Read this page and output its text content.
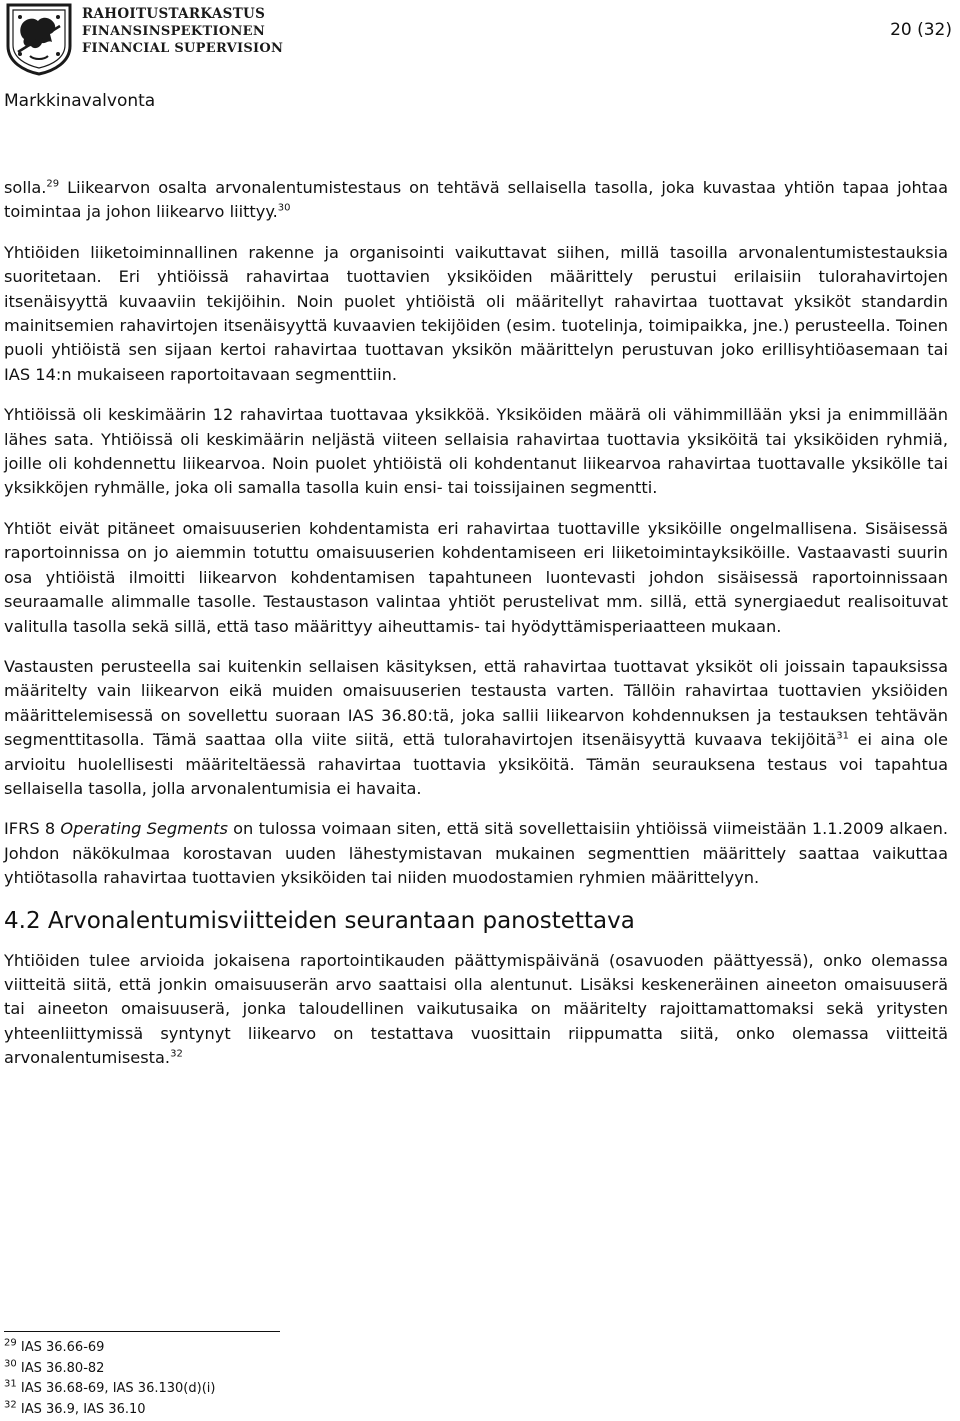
RAHOITUSTARKASTUS
FINANSINSPEKTIONEN
FINANCIAL SUPERVISION
20 (32)
Markkinavalvonta

solla.$^{29}$ Liikearvon osalta arvonalentumistestaus on tehtävä sellaisella tasolla, joka kuvastaa yhtiön tapaa johtaa toimintaa ja johon liikearvo liittyy.$^{30}$

Yhtiöiden liiketoiminnallinen rakenne ja organisointi vaikuttavat siihen, millä tasoilla arvonalentumistestauksia suoritetaan. Eri yhtiöissä rahavirtaa tuottavien yksiköiden määrittely perustui erilaisiin tulorahavirtojen itsenäisyyttä kuvaaviin tekijöihin. Noin puolet yhtiöistä oli määritellyt rahavirtaa tuottavat yksiköt standardin mainitsemien rahavirtojen itsenäisyyttä kuvaavien tekijöiden (esim. tuotelinja, toimipaikka, jne.) perusteella. Toinen puoli yhtiöistä sen sijaan kertoi rahavirtaa tuottavan yksikön määrittelyn perustuvan joko erillisyhtiöasemaan tai IAS 14:n mukaiseen raportoitavaan segmenttiin.

Yhtiöissä oli keskimäärin 12 rahavirtaa tuottavaa yksikköä. Yksiköiden määrä oli vähimmillään yksi ja enimmillään lähes sata. Yhtiöissä oli keskimäärin neljästä viiteen sellaisia rahavirtaa tuottavia yksiköitä tai yksiköiden ryhmiä, joille oli kohdennettu liikearvoa. Noin puolet yhtiöistä oli kohdentanut liikearvoa rahavirtaa tuottavalle yksikölle tai yksikköjen ryhmälle, joka oli samalla tasolla kuin ensi- tai toissijainen segmentti.

Yhtiöt eivät pitäneet omaisuuserien kohdentamista eri rahavirtaa tuottaville yksiköille ongelmallisena. Sisäisessä raportoinnissa on jo aiemmin totuttu omaisuuserien kohdentamiseen eri liiketoimintayksiköille. Vastaavasti suurin osa yhtiöistä ilmoitti liikearvon kohdentamisen tapahtuneen luontevasti johdon sisäisessä raportoinnissaan seuraamalle alimmalle tasolle. Testaustason valintaa yhtiöt perustelivat mm. sillä, että synergiaedut realisoituvat valitulla tasolla sekä sillä, että taso määrittyy aiheuttamis- tai hyödyttämisperiaatteen mukaan.

Vastausten perusteella sai kuitenkin sellaisen käsityksen, että rahavirtaa tuottavat yksiköt oli joissain tapauksissa määritelty vain liikearvon eikä muiden omaisuuserien testausta varten. Tällöin rahavirtaa tuottavien yksiöiden määrittelemisessä on sovellettu suoraan IAS 36.80:tä, joka sallii liikearvon kohdennuksen ja testauksen tehtävän segmenttitasolla. Tämä saattaa olla viite siitä, että tulorahavirtojen itsenäisyyttä kuvaava tekijöitä$^{31}$ ei aina ole arvioitu huolellisesti määriteltäessä rahavirtaa tuottavia yksiköitä. Tämän seurauksena testaus voi tapahtua sellaisella tasolla, jolla arvonalentumisia ei havaita.

IFRS 8 Operating Segments on tulossa voimaan siten, että sitä sovellettaisiin yhtiöissä viimeistään 1.1.2009 alkaen. Johdon näkökulmaa korostavan uuden lähestymistavan mukainen segmenttien määrittely saattaa vaikuttaa yhtiötasolla rahavirtaa tuottavien yksiköiden tai niiden muodostamien ryhmien määrittelyyn.

4.2 Arvonalentumisviitteiden seurantaan panostettava

Yhtiöiden tulee arvioida jokaisena raportointikauden päättymispäivänä (osavuoden päättyessä), onko olemassa viitteitä siitä, että jonkin omaisuuserän arvo saattaisi olla alentunut. Lisäksi keskeneräinen aineeton omaisuuserä tai aineeton omaisuuserä, jonka taloudellinen vaikutusaika on määritelty rajoittamattomaksi sekä yritysten yhteenliittymissä syntynyt liikearvo on testattava vuosittain riippumatta siitä, onko olemassa viitteitä arvonalentumisesta.$^{32}$

$^{29}$ IAS 36.66-69
$^{30}$ IAS 36.80-82
$^{31}$ IAS 36.68-69, IAS 36.130(d)(i)
$^{32}$ IAS 36.9, IAS 36.10
